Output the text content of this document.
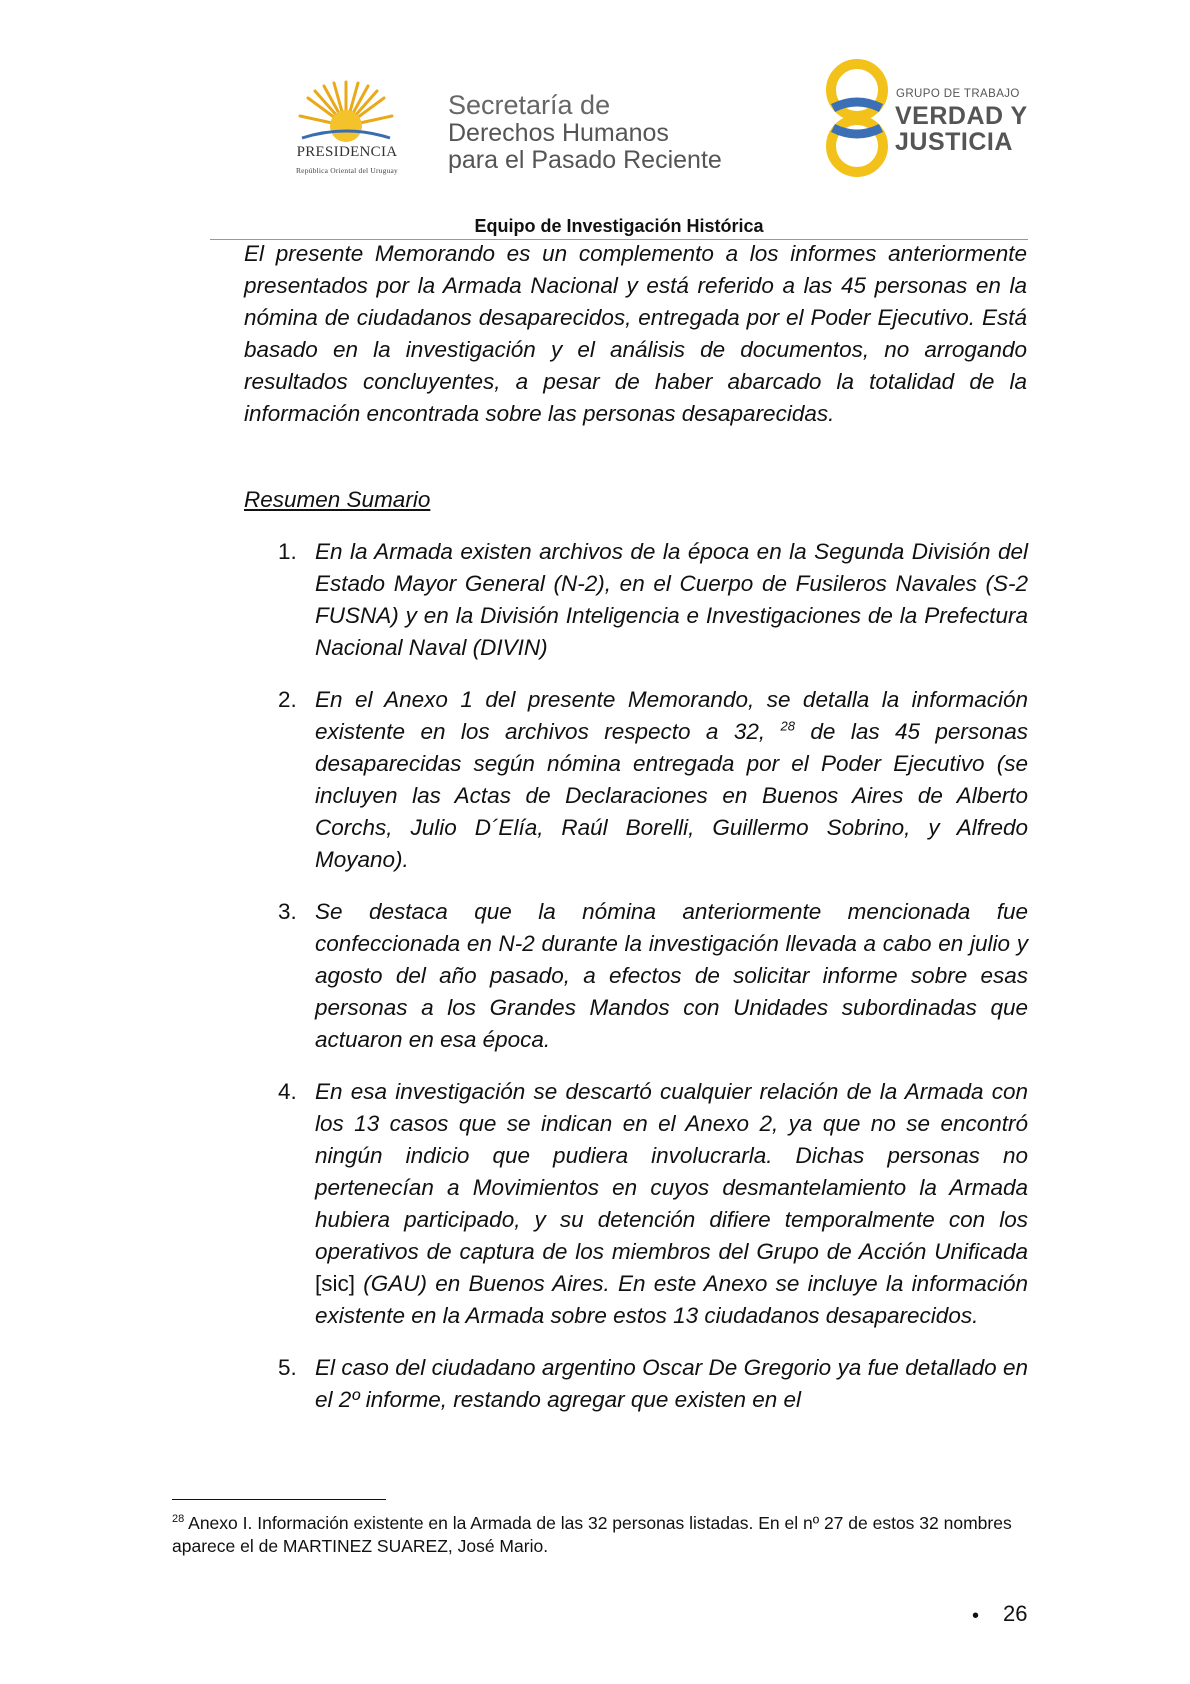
PRESIDENCIA
República Oriental del Uruguay
Secretaría de
Derechos Humanos
para el Pasado Reciente
GRUPO DE TRABAJO
VERDAD Y
JUSTICIA
Equipo de Investigación Histórica

El presente Memorando es un complemento a los informes anteriormente presentados por la Armada Nacional y está referido a las 45 personas en la nómina de ciudadanos desaparecidos, entregada por el Poder Ejecutivo. Está basado en la investigación y el análisis de documentos, no arrogando resultados concluyentes, a pesar de haber abarcado la totalidad de la información encontrada sobre las personas desaparecidas.

Resumen Sumario
1. En la Armada existen archivos de la época en la Segunda División del Estado Mayor General (N-2), en el Cuerpo de Fusileros Navales (S-2 FUSNA) y en la División Inteligencia e Investigaciones de la Prefectura Nacional Naval (DIVIN)
2. En el Anexo 1 del presente Memorando, se detalla la información existente en los archivos respecto a 32, $^{28}$ de las 45 personas desaparecidas según nómina entregada por el Poder Ejecutivo (se incluyen las Actas de Declaraciones en Buenos Aires de Alberto Corchs, Julio D´Elía, Raúl Borelli, Guillermo Sobrino, y Alfredo Moyano).
3. Se destaca que la nómina anteriormente mencionada fue confeccionada en N-2 durante la investigación llevada a cabo en julio y agosto del año pasado, a efectos de solicitar informe sobre esas personas a los Grandes Mandos con Unidades subordinadas que actuaron en esa época.
4. En esa investigación se descartó cualquier relación de la Armada con los 13 casos que se indican en el Anexo 2, ya que no se encontró ningún indicio que pudiera involucrarla. Dichas personas no pertenecían a Movimientos en cuyos desmantelamiento la Armada hubiera participado, y su detención difiere temporalmente con los operativos de captura de los miembros del Grupo de Acción Unificada [sic] (GAU) en Buenos Aires. En este Anexo se incluye la información existente en la Armada sobre estos 13 ciudadanos desaparecidos.
5. El caso del ciudadano argentino Oscar De Gregorio ya fue detallado en el 2º informe, restando agregar que existen en el
$^{28}$ Anexo I. Información existente en la Armada de las 32 personas listadas. En el nº 27 de estos 32 nombres aparece el de MARTINEZ SUAREZ, José Mario.
• 26
